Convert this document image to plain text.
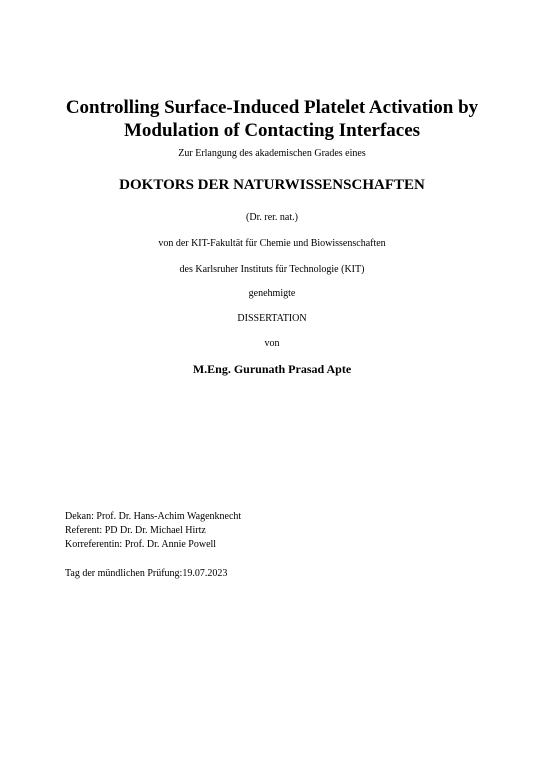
Controlling Surface-Induced Platelet Activation by
Modulation of Contacting Interfaces
Zur Erlangung des akademischen Grades eines
DOKTORS DER NATURWISSENSCHAFTEN
(Dr. rer. nat.)
von der KIT-Fakultät für Chemie und Biowissenschaften
des Karlsruher Instituts für Technologie (KIT)
genehmigte
DISSERTATION
von
M.Eng. Gurunath Prasad Apte
Dekan: Prof. Dr. Hans-Achim Wagenknecht
Referent: PD Dr. Dr. Michael Hirtz
Korreferentin: Prof. Dr. Annie Powell
Tag der mündlichen Prüfung:19.07.2023
